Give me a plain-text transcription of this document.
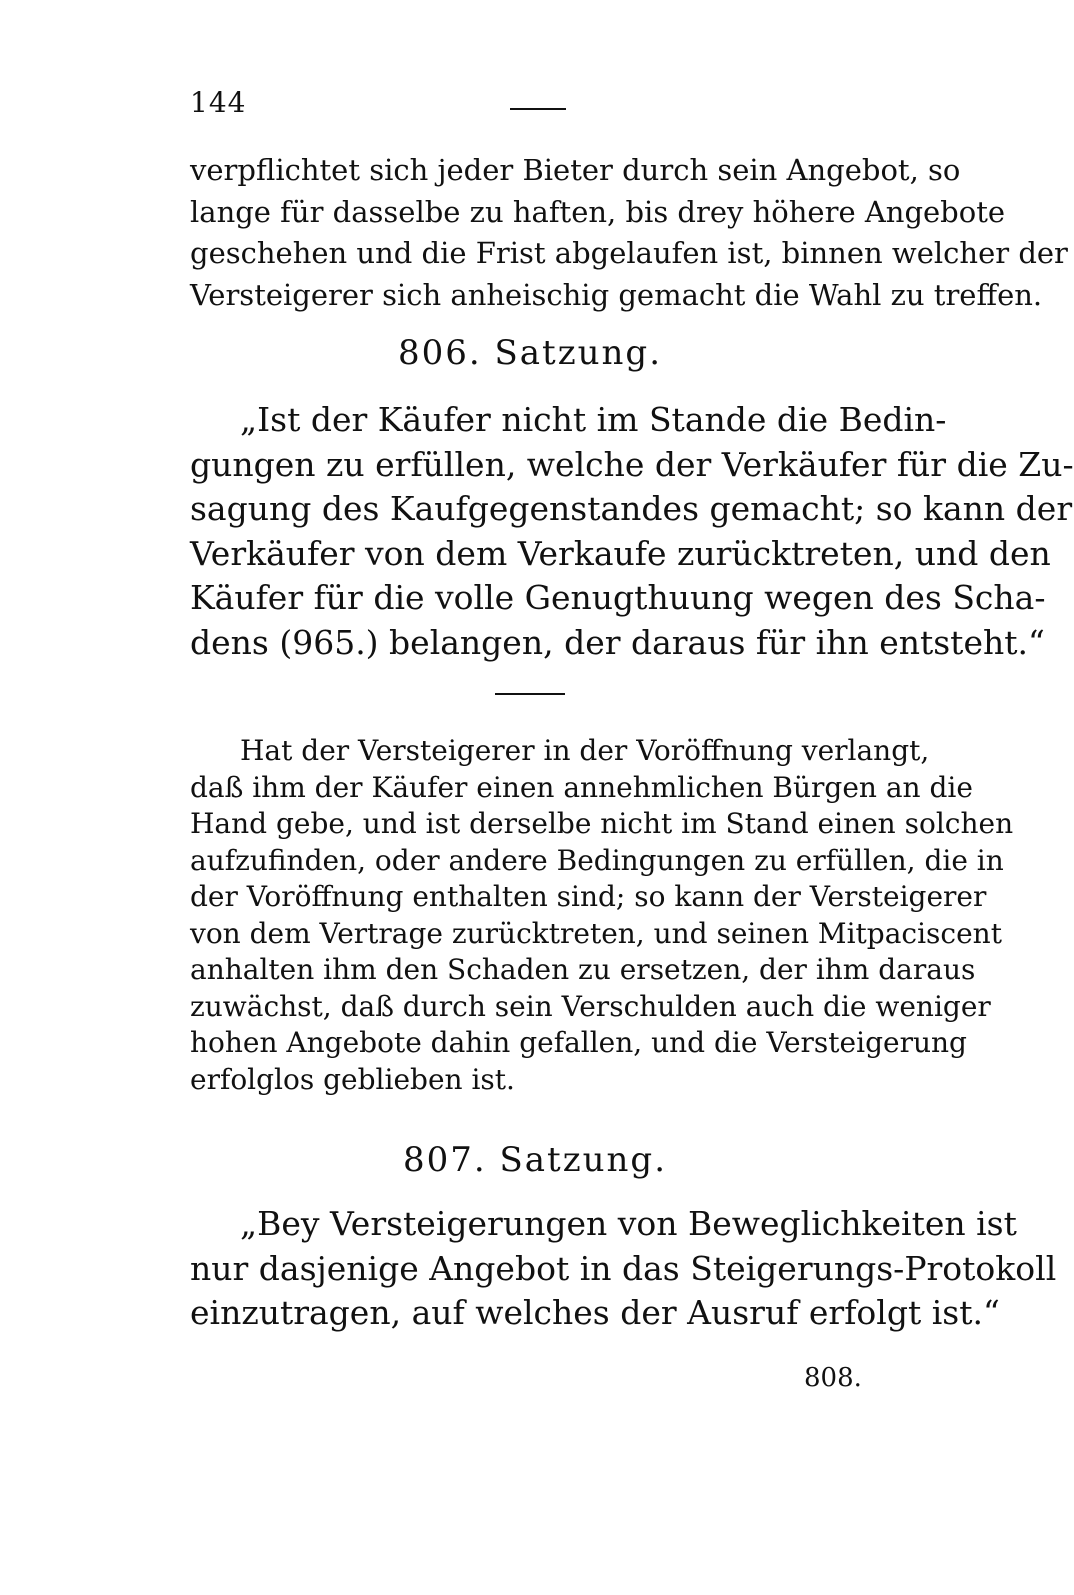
144
verpflichtet sich jeder Bieter durch sein Angebot, so
lange für dasselbe zu haften, bis drey höhere Angebote
geschehen und die Frist abgelaufen ist, binnen welcher der
Versteigerer sich anheischig gemacht die Wahl zu treffen.
806. Satzung.
„Ist der Käufer nicht im Stande die Bedin-
gungen zu erfüllen, welche der Verkäufer für die Zu-
sagung des Kaufgegenstandes gemacht; so kann der
Verkäufer von dem Verkaufe zurücktreten, und den
Käufer für die volle Genugthuung wegen des Scha-
dens (965.) belangen, der daraus für ihn entsteht.“
Hat der Versteigerer in der Voröffnung verlangt,
daß ihm der Käufer einen annehmlichen Bürgen an die
Hand gebe, und ist derselbe nicht im Stand einen solchen
aufzufinden, oder andere Bedingungen zu erfüllen, die in
der Voröffnung enthalten sind; so kann der Versteigerer
von dem Vertrage zurücktreten, und seinen Mitpaciscent
anhalten ihm den Schaden zu ersetzen, der ihm daraus
zuwächst, daß durch sein Verschulden auch die weniger
hohen Angebote dahin gefallen, und die Versteigerung
erfolglos geblieben ist.
807. Satzung.
„Bey Versteigerungen von Beweglichkeiten ist
nur dasjenige Angebot in das Steigerungs-Protokoll
einzutragen, auf welches der Ausruf erfolgt ist.“
808.
